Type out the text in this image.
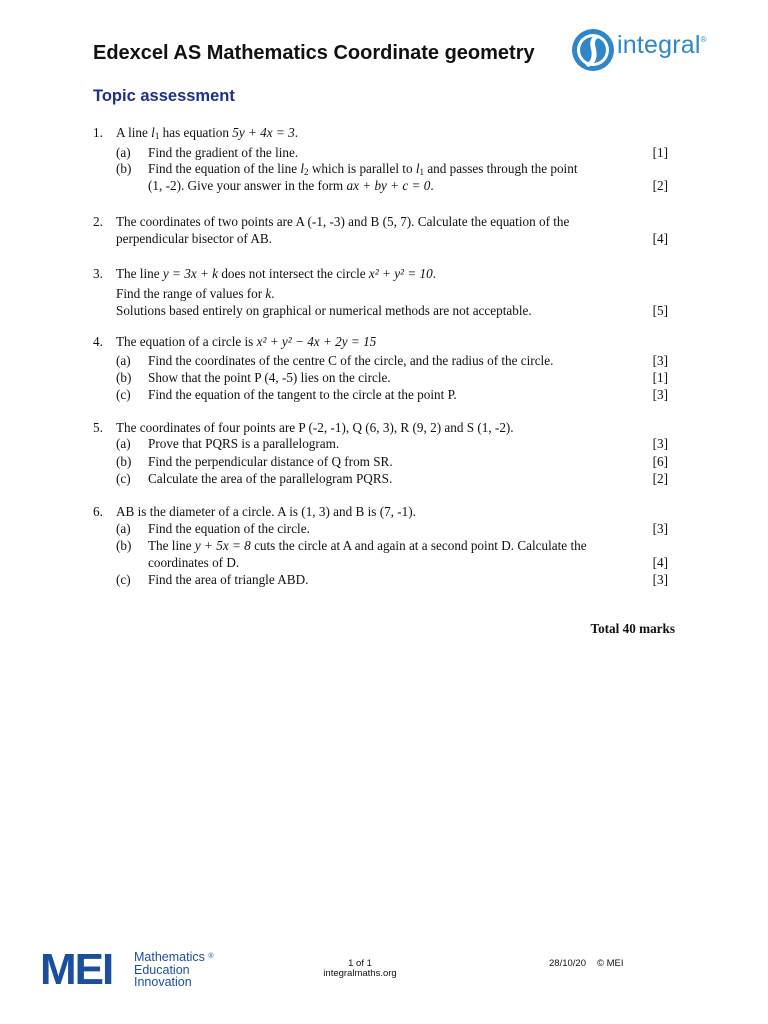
Edexcel AS Mathematics Coordinate geometry	integral®
Topic assessment
1. A line $l_1$ has equation 5y + 4x = 3.
(a) Find the gradient of the line.	[1]
(b) Find the equation of the line $l_2$ which is parallel to $l_1$ and passes through the point
(1, -2). Give your answer in the form ax + by + c = 0.	[2]
2. The coordinates of two points are A (-1, -3) and B (5, 7). Calculate the equation of the
perpendicular bisector of AB.	[4]
3. The line y = 3x + k does not intersect the circle x² + y² = 10.
Find the range of values for k.
Solutions based entirely on graphical or numerical methods are not acceptable.	[5]
4. The equation of a circle is x² + y² − 4x + 2y = 15
(a) Find the coordinates of the centre C of the circle, and the radius of the circle.	[3]
(b) Show that the point P (4, -5) lies on the circle.	[1]
(c) Find the equation of the tangent to the circle at the point P.	[3]
5. The coordinates of four points are P (-2, -1), Q (6, 3), R (9, 2) and S (1, -2).
(a) Prove that PQRS is a parallelogram.	[3]
(b) Find the perpendicular distance of Q from SR.	[6]
(c) Calculate the area of the parallelogram PQRS.	[2]
6. AB is the diameter of a circle. A is (1, 3) and B is (7, -1).
(a) Find the equation of the circle.	[3]
(b) The line y + 5x = 8 cuts the circle at A and again at a second point D. Calculate the
coordinates of D.	[4]
(c) Find the area of triangle ABD.	[3]
Total 40 marks
MEI Mathematics ®
Education
Innovation
1 of 1
integralmaths.org
28/10/20 © MEI
